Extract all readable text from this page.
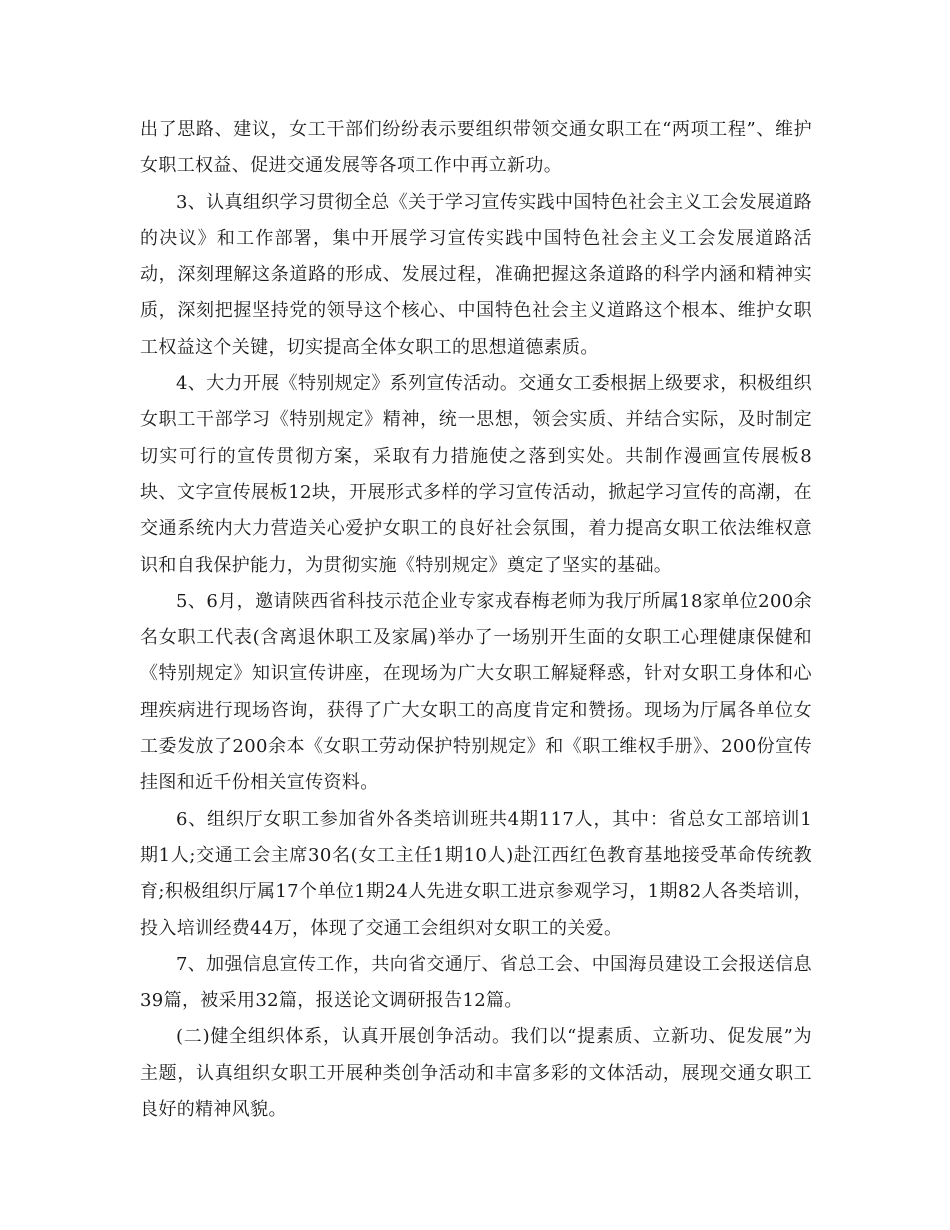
出了思路、建议，女工干部们纷纷表示要组织带领交通女职工在“两项工程”、维护女职工权益、促进交通发展等各项工作中再立新功。

3、认真组织学习贯彻全总《关于学习宣传实践中国特色社会主义工会发展道路的决议》和工作部署，集中开展学习宣传实践中国特色社会主义工会发展道路活动，深刻理解这条道路的形成、发展过程，准确把握这条道路的科学内涵和精神实质，深刻把握坚持党的领导这个核心、中国特色社会主义道路这个根本、维护女职工权益这个关键，切实提高全体女职工的思想道德素质。

4、大力开展《特别规定》系列宣传活动。交通女工委根据上级要求，积极组织女职工干部学习《特别规定》精神，统一思想，领会实质、并结合实际，及时制定切实可行的宣传贯彻方案，采取有力措施使之落到实处。共制作漫画宣传展板8块、文字宣传展板12块，开展形式多样的学习宣传活动，掀起学习宣传的高潮，在交通系统内大力营造关心爱护女职工的良好社会氛围，着力提高女职工依法维权意识和自我保护能力，为贯彻实施《特别规定》奠定了坚实的基础。

5、6月，邀请陕西省科技示范企业专家戎春梅老师为我厅所属18家单位200余名女职工代表(含离退休职工及家属)举办了一场别开生面的女职工心理健康保健和《特别规定》知识宣传讲座，在现场为广大女职工解疑释惑，针对女职工身体和心理疾病进行现场咨询，获得了广大女职工的高度肯定和赞扬。现场为厅属各单位女工委发放了200余本《女职工劳动保护特别规定》和《职工维权手册》、200份宣传挂图和近千份相关宣传资料。

6、组织厅女职工参加省外各类培训班共4期117人，其中：省总女工部培训1期1人;交通工会主席30名(女工主任1期10人)赴江西红色教育基地接受革命传统教育;积极组织厅属17个单位1期24人先进女职工进京参观学习，1期82人各类培训，投入培训经费44万，体现了交通工会组织对女职工的关爱。

7、加强信息宣传工作，共向省交通厅、省总工会、中国海员建设工会报送信息39篇，被采用32篇，报送论文调研报告12篇。

(二)健全组织体系，认真开展创争活动。我们以“提素质、立新功、促发展”为主题，认真组织女职工开展种类创争活动和丰富多彩的文体活动，展现交通女职工良好的精神风貌。
